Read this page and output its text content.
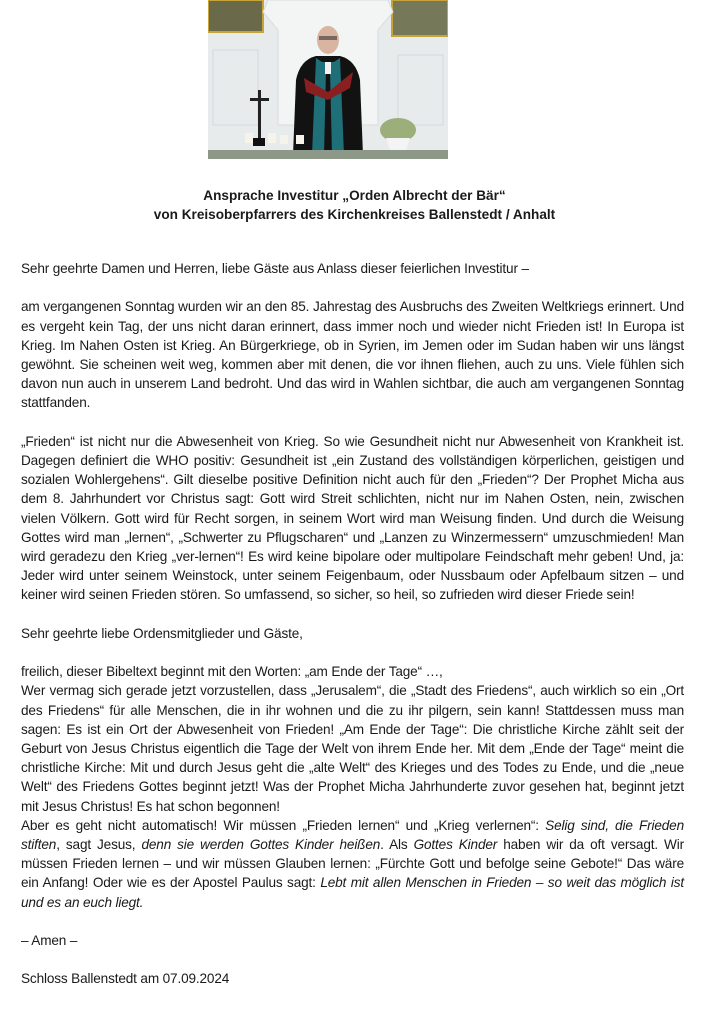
Ansprache Investitur „Orden Albrecht der Bär“
von Kreisoberpfarrers des Kirchenkreises Ballenstedt / Anhalt

Sehr geehrte Damen und Herren, liebe Gäste aus Anlass dieser feierlichen Investitur –

am vergangenen Sonntag wurden wir an den 85. Jahrestag des Ausbruchs des Zweiten Weltkriegs erinnert. Und es vergeht kein Tag, der uns nicht daran erinnert, dass immer noch und wieder nicht Frieden ist! In Europa ist Krieg. Im Nahen Osten ist Krieg. An Bürgerkriege, ob in Syrien, im Jemen oder im Sudan haben wir uns längst gewöhnt. Sie scheinen weit weg, kommen aber mit denen, die vor ihnen fliehen, auch zu uns. Viele fühlen sich davon nun auch in unserem Land bedroht. Und das wird in Wahlen sichtbar, die auch am vergangenen Sonntag stattfanden.

„Frieden“ ist nicht nur die Abwesenheit von Krieg. So wie Gesundheit nicht nur Abwesenheit von Krankheit ist. Dagegen definiert die WHO positiv: Gesundheit ist „ein Zustand des vollständigen körperlichen, geistigen und sozialen Wohlergehens“. Gilt dieselbe positive Definition nicht auch für den „Frieden“? Der Prophet Micha aus dem 8. Jahrhundert vor Christus sagt: Gott wird Streit schlichten, nicht nur im Nahen Osten, nein, zwischen vielen Völkern. Gott wird für Recht sorgen, in seinem Wort wird man Weisung finden. Und durch die Weisung Gottes wird man „lernen“, „Schwerter zu Pflugscharen“ und „Lanzen zu Winzermessern“ umzuschmieden! Man wird geradezu den Krieg „ver-lernen“! Es wird keine bipolare oder multipolare Feindschaft mehr geben! Und, ja: Jeder wird unter seinem Weinstock, unter seinem Feigenbaum, oder Nussbaum oder Apfelbaum sitzen – und keiner wird seinen Frieden stören. So umfassend, so sicher, so heil, so zufrieden wird dieser Friede sein!

Sehr geehrte liebe Ordensmitglieder und Gäste,

freilich, dieser Bibeltext beginnt mit den Worten: „am Ende der Tage“ …,

Wer vermag sich gerade jetzt vorzustellen, dass „Jerusalem“, die „Stadt des Friedens“, auch wirklich so ein „Ort des Friedens“ für alle Menschen, die in ihr wohnen und die zu ihr pilgern, sein kann! Stattdessen muss man sagen: Es ist ein Ort der Abwesenheit von Frieden! „Am Ende der Tage“: Die christliche Kirche zählt seit der Geburt von Jesus Christus eigentlich die Tage der Welt von ihrem Ende her. Mit dem „Ende der Tage“ meint die christliche Kirche: Mit und durch Jesus geht die „alte Welt“ des Krieges und des Todes zu Ende, und die „neue Welt“ des Friedens Gottes beginnt jetzt! Was der Prophet Micha Jahrhunderte zuvor gesehen hat, beginnt jetzt mit Jesus Christus! Es hat schon begonnen!

Aber es geht nicht automatisch! Wir müssen „Frieden lernen“ und „Krieg verlernen“: Selig sind, die Frieden stiften, sagt Jesus, denn sie werden Gottes Kinder heißen. Als Gottes Kinder haben wir da oft versagt. Wir müssen Frieden lernen – und wir müssen Glauben lernen: „Fürchte Gott und befolge seine Gebote!“ Das wäre ein Anfang! Oder wie es der Apostel Paulus sagt: Lebt mit allen Menschen in Frieden – so weit das möglich ist und es an euch liegt.

– Amen –

Schloss Ballenstedt am 07.09.2024
